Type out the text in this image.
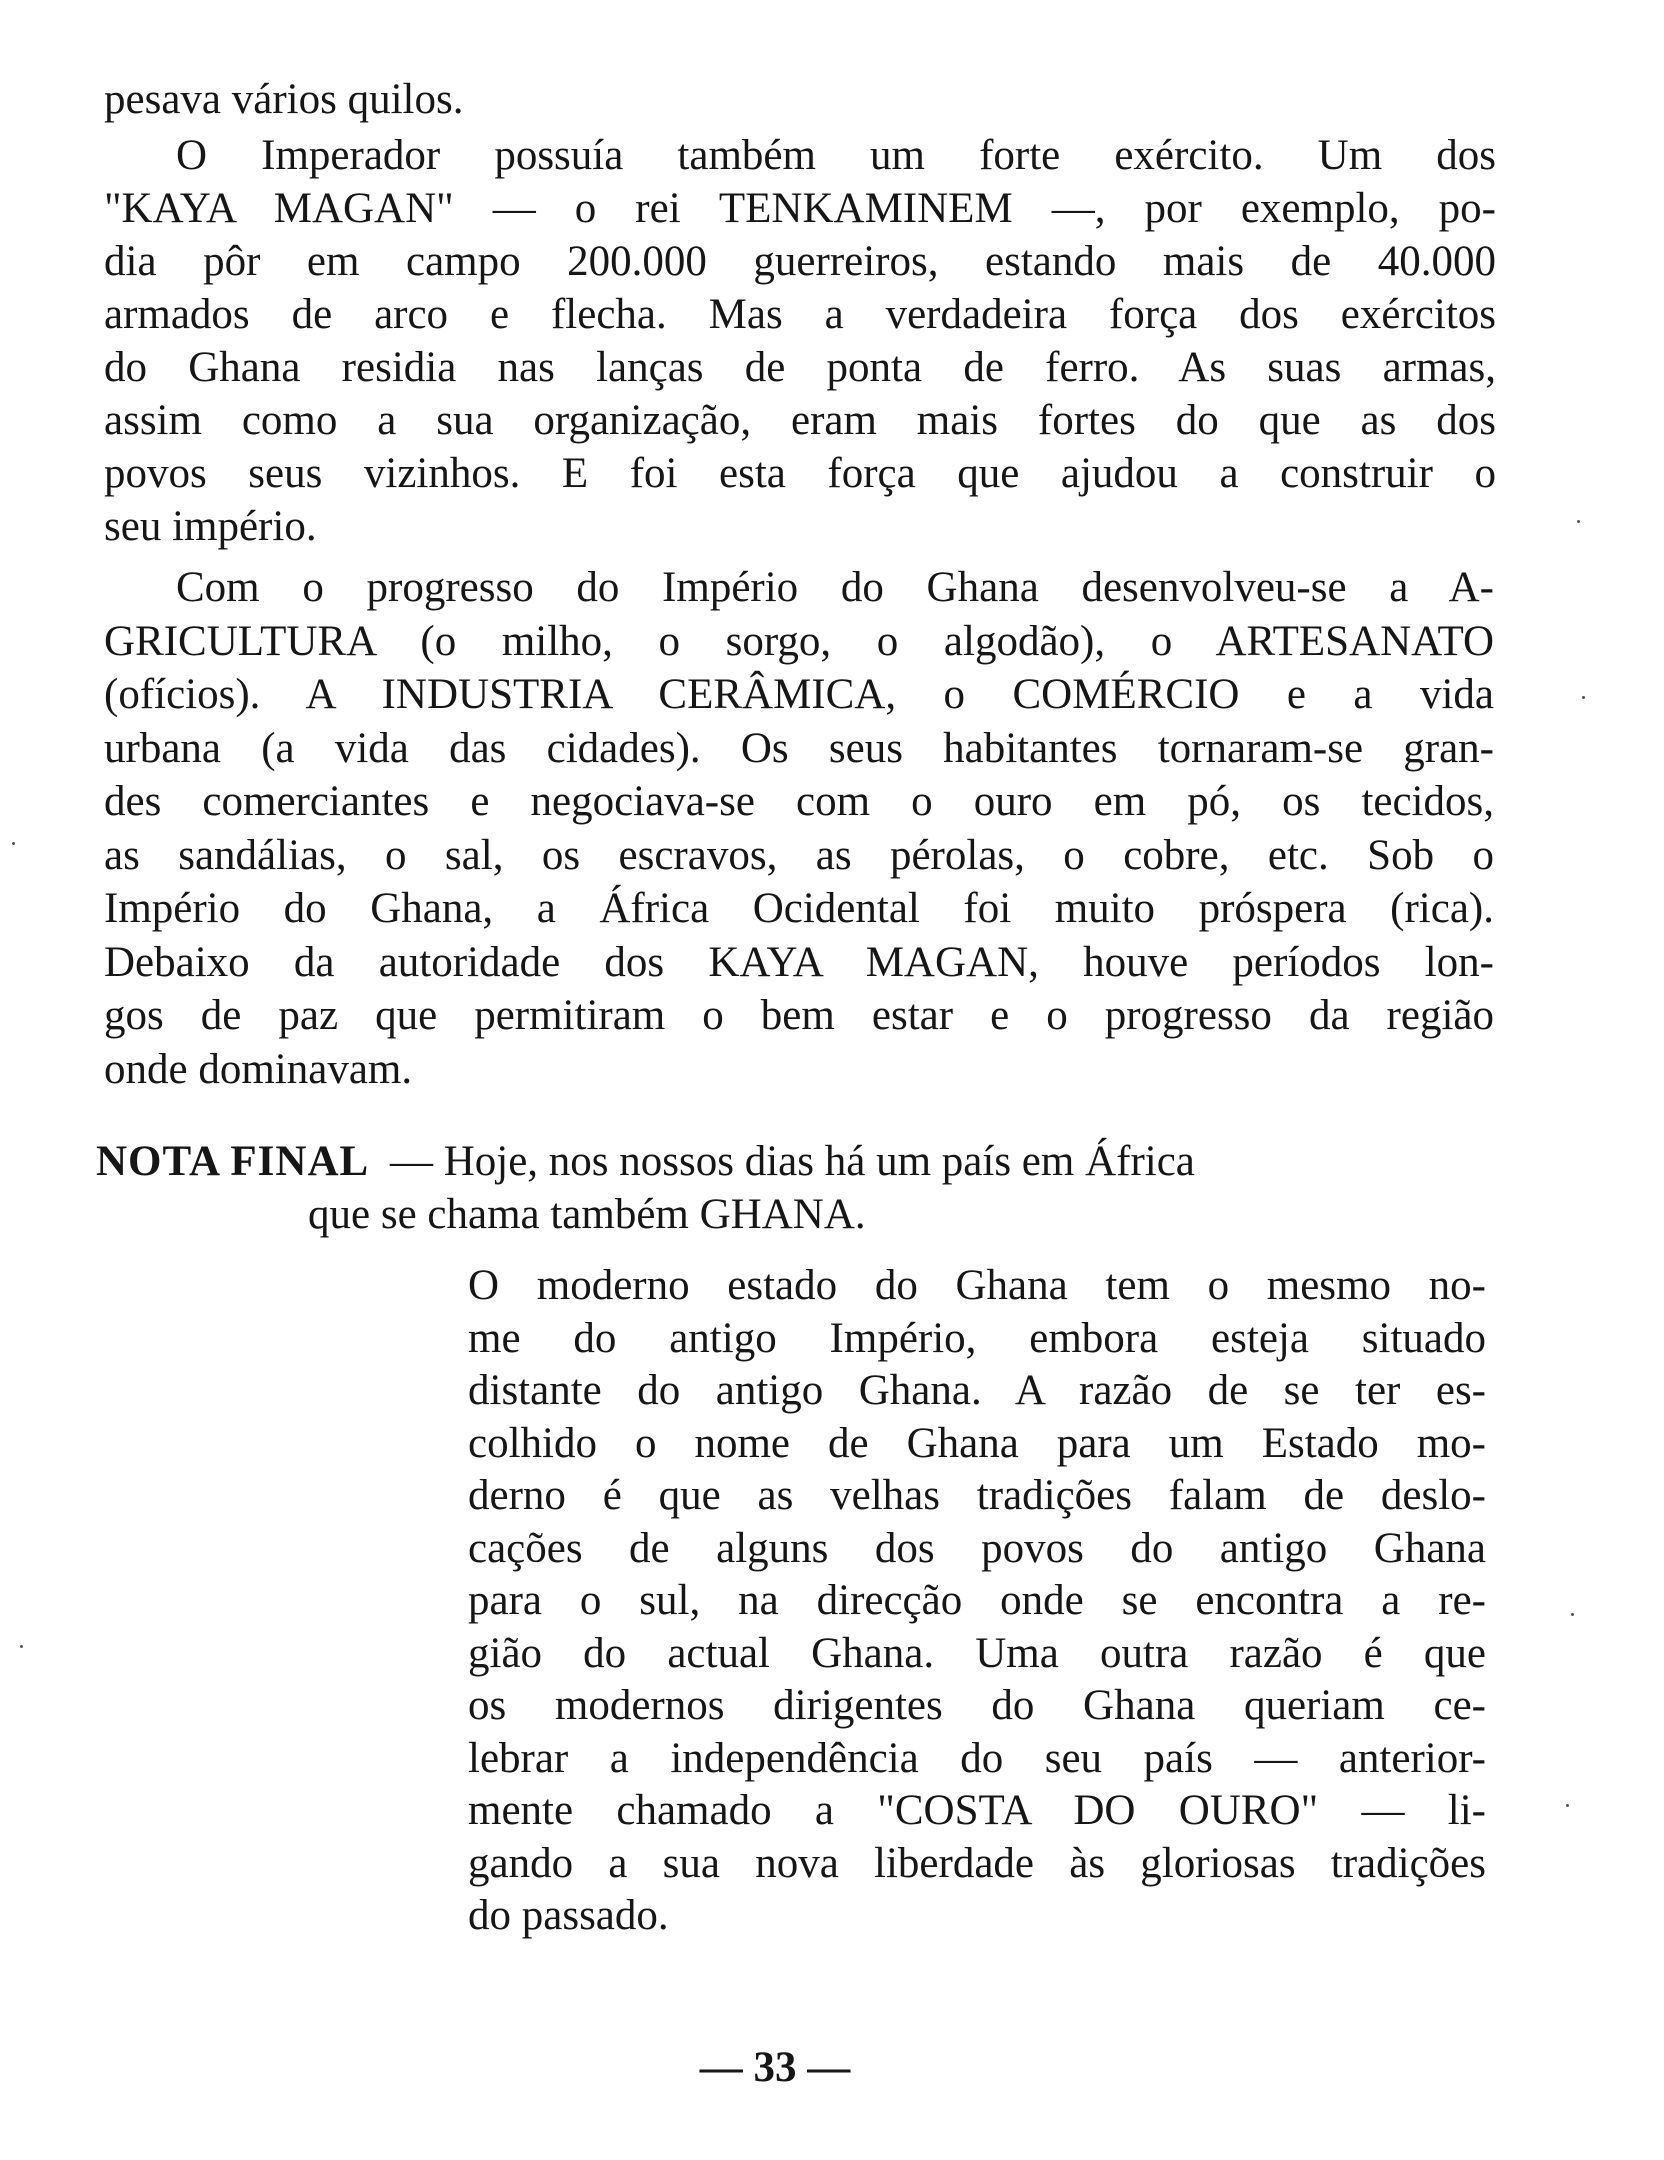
pesava vários quilos.
O Imperador possuía também um forte exército. Um dos
"KAYA MAGAN" — o rei TENKAMINEM —, por exemplo, po-
dia pôr em campo 200.000 guerreiros, estando mais de 40.000
armados de arco e flecha. Mas a verdadeira força dos exércitos
do Ghana residia nas lanças de ponta de ferro. As suas armas,
assim como a sua organização, eram mais fortes do que as dos
povos seus vizinhos. E foi esta força que ajudou a construir o
seu império.
Com o progresso do Império do Ghana desenvolveu-se a A-
GRICULTURA (o milho, o sorgo, o algodão), o ARTESANATO
(ofícios). A INDUSTRIA CERÂMICA, o COMÉRCIO e a vida
urbana (a vida das cidades). Os seus habitantes tornaram-se gran-
des comerciantes e negociava-se com o ouro em pó, os tecidos,
as sandálias, o sal, os escravos, as pérolas, o cobre, etc. Sob o
Império do Ghana, a África Ocidental foi muito próspera (rica).
Debaixo da autoridade dos KAYA MAGAN, houve períodos lon-
gos de paz que permitiram o bem estar e o progresso da região
onde dominavam.
NOTA FINAL — Hoje, nos nossos dias há um país em África
que se chama também GHANA.
O moderno estado do Ghana tem o mesmo no-
me do antigo Império, embora esteja situado
distante do antigo Ghana. A razão de se ter es-
colhido o nome de Ghana para um Estado mo-
derno é que as velhas tradições falam de deslo-
cações de alguns dos povos do antigo Ghana
para o sul, na direcção onde se encontra a re-
gião do actual Ghana. Uma outra razão é que
os modernos dirigentes do Ghana queriam ce-
lebrar a independência do seu país — anterior-
mente chamado a "COSTA DO OURO" — li-
gando a sua nova liberdade às gloriosas tradições
do passado.
— 33 —
